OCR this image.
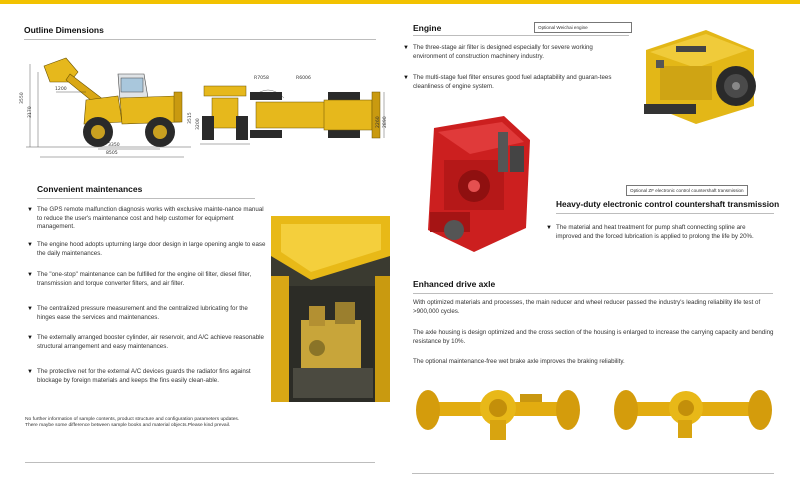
Outline Dimensions
3550
3170
1200
3350
8505
3515
3200
R7058	R6006
2260 2890
Convenient maintenances
▼ The GPS remote malfunction diagnosis works with exclusive mainte-nance manual to reduce the user's maintenance cost and help customer for equipment management.
▼ The engine hood adopts upturning large door design in large opening angle to ease the daily maintenances.
▼ The "one-stop" maintenance can be fulfilled for the engine oil filter, diesel filter, transmission and torque converter filters, and air filter.
▼ The centralized pressure measurement and the centralized lubricating for the hinges ease the services and maintenances.
▼ The externally arranged booster cylinder, air reservoir, and A/C achieve reasonable structural arrangement and easy maintenances.
▼ The protective net for the external A/C devices guards the radiator fins against blockage by foreign materials and keeps the fins easily clean-able.
No further information of sample contents, product structure and configuration parameters updates.
There maybe some difference between sample books and material objects.Please kind prevail.
Engine	Optional Weichai engine
▼ The three-stage air filter is designed especially for severe working environment of construction machinery industry.
▼ The multi-stage fuel filter ensures good fuel adaptability and guaran-tees cleanliness of engine system.
Optional ZF electronic control countershaft transmission
Heavy-duty electronic control countershaft transmission
▼ The material and heat treatment for pump shaft connecting spline are improved and the forced lubrication is applied to prolong the life by 20%.
Enhanced drive axle
With optimized materials and processes, the main reducer and wheel reducer passed the industry's leading reliability life test of >900,000 cycles.
The axle housing is design optimized and the cross section of the housing is enlarged to increase the carrying capacity and bending resistance by 10%.
The optional maintenance-free wet brake axle improves the braking reliability.
